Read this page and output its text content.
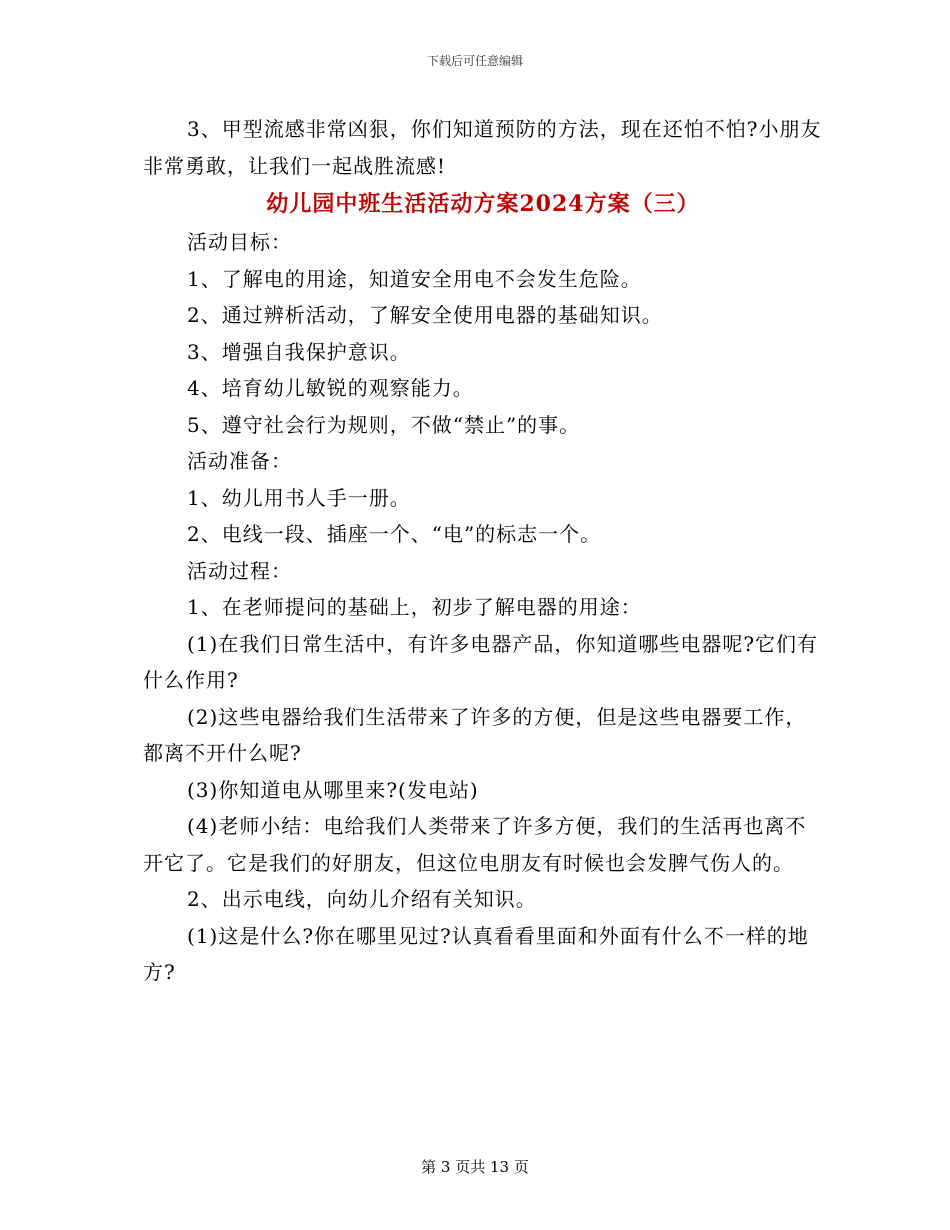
下载后可任意编辑

3、甲型流感非常凶狠，你们知道预防的方法，现在还怕不怕?小朋友非常勇敢，让我们一起战胜流感!

幼儿园中班生活活动方案2024方案（三）

活动目标：

1、了解电的用途，知道安全用电不会发生危险。

2、通过辨析活动，了解安全使用电器的基础知识。

3、增强自我保护意识。

4、培育幼儿敏锐的观察能力。

5、遵守社会行为规则，不做“禁止”的事。

活动准备：

1、幼儿用书人手一册。

2、电线一段、插座一个、“电”的标志一个。

活动过程：

1、在老师提问的基础上，初步了解电器的用途：

(1)在我们日常生活中，有许多电器产品，你知道哪些电器呢?它们有什么作用?

(2)这些电器给我们生活带来了许多的方便，但是这些电器要工作，都离不开什么呢?

(3)你知道电从哪里来?(发电站)

(4)老师小结：电给我们人类带来了许多方便，我们的生活再也离不开它了。它是我们的好朋友，但这位电朋友有时候也会发脾气伤人的。

2、出示电线，向幼儿介绍有关知识。

(1)这是什么?你在哪里见过?认真看看里面和外面有什么不一样的地方?

第 3 页共 13 页
